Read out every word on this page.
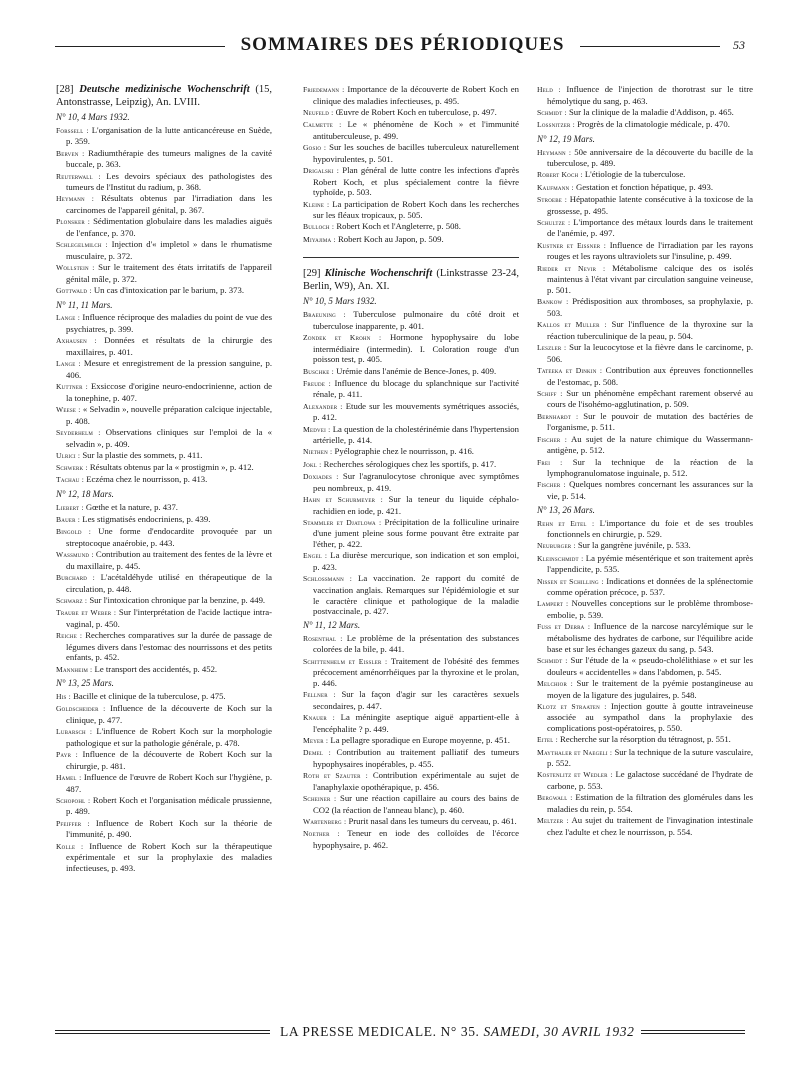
SOMMAIRES DES PÉRIODIQUES	53
[28] Deutsche medizinische Wochenschrift (15, Antonstrasse, Leipzig), An. LVIII.
N° 10, 4 Mars 1932.
Forssell : L'organisation de la lutte anticancéreuse en Suède, p. 359.
Berven : Radiumthérapie des tumeurs malignes de la cavité buccale, p. 363.
Reuterwall : Les devoirs spéciaux des pathologistes des tumeurs de l'Institut du radium, p. 368.
Heymann : Résultats obtenus par l'irradiation dans les carcinomes de l'appareil génital, p. 367.
Plonsker : Sédimentation globulaire dans les maladies aiguës de l'enfance, p. 370.
Schlegelmilch : Injection d'« impletol » dans le rhumatisme musculaire, p. 372.
Wollstein : Sur le traitement des états irritatifs de l'appareil génital mâle, p. 372.
Gottwald : Un cas d'intoxication par le barium, p. 373.
N° 11, 11 Mars.
Lange : Influence réciproque des maladies du point de vue des psychiatres, p. 399.
Axhausen : Données et résultats de la chirurgie des maxillaires, p. 401.
Lange : Mesure et enregistrement de la pression sanguine, p. 406.
Kuttner : Exsiccose d'origine neuro-endocrinienne, action de la tonephine, p. 407.
Weese : « Selvadin », nouvelle préparation calcique injectable, p. 408.
Seyderhelm : Observations cliniques sur l'emploi de la « selvadin », p. 409.
Ulrici : Sur la plastie des sommets, p. 411.
Schwerk : Résultats obtenus par la « prostigmin », p. 412.
Tachau : Eczéma chez le nourrisson, p. 413.
N° 12, 18 Mars.
Liebert : Gœthe et la nature, p. 437.
Bauer : Les stigmatisés endocriniens, p. 439.
Bingold : Une forme d'endocardite provoquée par un streptocoque anaérobie, p. 443.
Wassmund : Contribution au traitement des fentes de la lèvre et du maxillaire, p. 445.
Burchard : L'acétaldéhyde utilisé en thérapeutique de la circulation, p. 448.
Schwarz : Sur l'intoxication chronique par la benzine, p. 449.
Traube et Weber : Sur l'interprétation de l'acide lactique intra-vaginal, p. 450.
Reiche : Recherches comparatives sur la durée de passage de légumes divers dans l'estomac des nourrissons et des petits enfants, p. 452.
Mannheim : Le transport des accidentés, p. 452.
N° 13, 25 Mars.
His : Bacille et clinique de la tuberculose, p. 475.
Goldscheider : Influence de la découverte de Koch sur la clinique, p. 477.
Lubarsch : L'influence de Robert Koch sur la morphologie pathologique et sur la pathologie générale, p. 478.
Payr : Influence de la découverte de Robert Koch sur la chirurgie, p. 481.
Hamel : Influence de l'œuvre de Robert Koch sur l'hygiène, p. 487.
Schopohl : Robert Koch et l'organisation médicale prussienne, p. 489.
Pfeiffer : Influence de Robert Koch sur la théorie de l'immunité, p. 490.
Kolle : Influence de Robert Koch sur la thérapeutique expérimentale et sur la prophylaxie des maladies infectieuses, p. 493.
Friedemann : Importance de la découverte de Robert Koch en clinique des maladies infectieuses, p. 495.
Neufeld : Œuvre de Robert Koch en tuberculose, p. 497.
Calmette : Le « phénomène de Koch » et l'immunité antituberculeuse, p. 499.
Gosio : Sur les souches de bacilles tuberculeux naturellement hypovirulentes, p. 501.
Drigalski : Plan général de lutte contre les infections d'après Robert Koch, et plus spécialement contre la fièvre typhoïde, p. 503.
Kleine : La participation de Robert Koch dans les recherches sur les fléaux tropicaux, p. 505.
Bulloch : Robert Koch et l'Angleterre, p. 508.
Miyajima : Robert Koch au Japon, p. 509.
[29] Klinische Wochenschrift (Linkstrasse 23-24, Berlin, W9), An. XI.
N° 10, 5 Mars 1932.
Braeuning : Tuberculose pulmonaire du côté droit et tuberculose inapparente, p. 401.
Zondek et Krohn : Hormone hypophysaire du lobe intermédiaire (intermedin). I. Coloration rouge d'un poisson test, p. 405.
Buschke : Urémie dans l'anémie de Bence-Jones, p. 409.
Freude : Influence du blocage du splanchnique sur l'activité rénale, p. 411.
Alexander : Etude sur les mouvements symétriques associés, p. 412.
Medvei : La question de la cholestérinémie dans l'hypertension artérielle, p. 414.
Niethen : Pyélographie chez le nourrisson, p. 416.
Jokl : Recherches sérologiques chez les sportifs, p. 417.
Doxiades : Sur l'agranulocytose chronique avec symptômes peu nombreux, p. 419.
Hahn et Schurmeyer : Sur la teneur du liquide céphalo-rachidien en iode, p. 421.
Stammler et Djatlowa : Précipitation de la folliculine urinaire d'une jument pleine sous forme pouvant être extraite par l'éther, p. 422.
Engel : La diurèse mercurique, son indication et son emploi, p. 423.
Schlossmann : La vaccination. 2e rapport du comité de vaccination anglais. Remarques sur l'épidémiologie et sur le caractère clinique et pathologique de la maladie postvaccinale, p. 427.
N° 11, 12 Mars.
Rosenthal : Le problème de la présentation des substances colorées de la bile, p. 441.
Schittenhelm et Eissler : Traitement de l'obésité des femmes précocement aménorrhéiques par la thyroxine et le prolan, p. 446.
Fellner : Sur la façon d'agir sur les caractères sexuels secondaires, p. 447.
Knauer : La méningite aseptique aiguë appartient-elle à l'encéphalite ? p. 449.
Meyer : La pellagre sporadique en Europe moyenne, p. 451.
Demel : Contribution au traitement palliatif des tumeurs hypophysaires inopérables, p. 455.
Roth et Szauter : Contribution expérimentale au sujet de l'anaphylaxie opothérapique, p. 456.
Scheiner : Sur une réaction capillaire au cours des bains de CO2 (la réaction de l'anneau blanc), p. 460.
Wartenberg : Prurit nasal dans les tumeurs du cerveau, p. 461.
Noether : Teneur en iode des colloïdes de l'écorce hypophysaire, p. 462.
Held : Influence de l'injection de thorotrast sur le titre hémolytique du sang, p. 463.
Schmidt : Sur la clinique de la maladie d'Addison, p. 465.
Lossnitzer : Progrès de la climatologie médicale, p. 470.
N° 12, 19 Mars.
Heymann : 50e anniversaire de la découverte du bacille de la tuberculose, p. 489.
Robert Koch : L'étiologie de la tuberculose.
Kaufmann : Gestation et fonction hépatique, p. 493.
Stroebe : Hépatopathie latente consécutive à la toxicose de la grossesse, p. 495.
Schultze : L'importance des métaux lourds dans le traitement de l'anémie, p. 497.
Kustner et Eissner : Influence de l'irradiation par les rayons rouges et les rayons ultraviolets sur l'insuline, p. 499.
Rieder et Nevir : Métabolisme calcique des os isolés maintenus à l'état vivant par circulation sanguine veineuse, p. 501.
Bankow : Prédisposition aux thromboses, sa prophylaxie, p. 503.
Kallos et Muller : Sur l'influence de la thyroxine sur la réaction tuberculinique de la peau, p. 504.
Leszler : Sur la leucocytose et la fièvre dans le carcinome, p. 506.
Tateeka et Dinkin : Contribution aux épreuves fonctionnelles de l'estomac, p. 508.
Schiff : Sur un phénomène empêchant rarement observé au cours de l'isohémo-agglutination, p. 509.
Bernhardt : Sur le pouvoir de mutation des bactéries de l'organisme, p. 511.
Fischer : Au sujet de la nature chimique du Wassermann-antigène, p. 512.
Frei : Sur la technique de la réaction de la lymphogranulomatose inguinale, p. 512.
Fischer : Quelques nombres concernant les assurances sur la vie, p. 514.
N° 13, 26 Mars.
Rehn et Eitel : L'importance du foie et de ses troubles fonctionnels en chirurgie, p. 529.
Neuburger : Sur la gangrène juvénile, p. 533.
Kleinschmidt : La pyémie mésentérique et son traitement après l'appendicite, p. 535.
Nissen et Schilling : Indications et données de la splénectomie comme opération précoce, p. 537.
Lampert : Nouvelles conceptions sur le problème thrombose-embolie, p. 539.
Fuss et Derra : Influence de la narcose narcylémique sur le métabolisme des hydrates de carbone, sur l'équilibre acide base et sur les échanges gazeux du sang, p. 543.
Schmidt : Sur l'étude de la « pseudo-cholélithiase » et sur les douleurs « accidentelles » dans l'abdomen, p. 545.
Melchior : Sur le traitement de la pyémie postangineuse au moyen de la ligature des jugulaires, p. 548.
Klotz et Straaten : Injection goutte à goutte intraveineuse associée au sympathol dans la prophylaxie des complications post-opératoires, p. 550.
Eitel : Recherche sur la résorption du tétragnost, p. 551.
Maythaler et Naegeli : Sur la technique de la suture vasculaire, p. 552.
Kostenlitz et Wedler : Le galactose succédané de l'hydrate de carbone, p. 553.
Bergwall : Estimation de la filtration des glomérules dans les maladies du rein, p. 554.
Meltzer : Au sujet du traitement de l'invagination intestinale chez l'adulte et chez le nourrisson, p. 554.
LA PRESSE MEDICALE. N° 35. SAMEDI, 30 AVRIL 1932
